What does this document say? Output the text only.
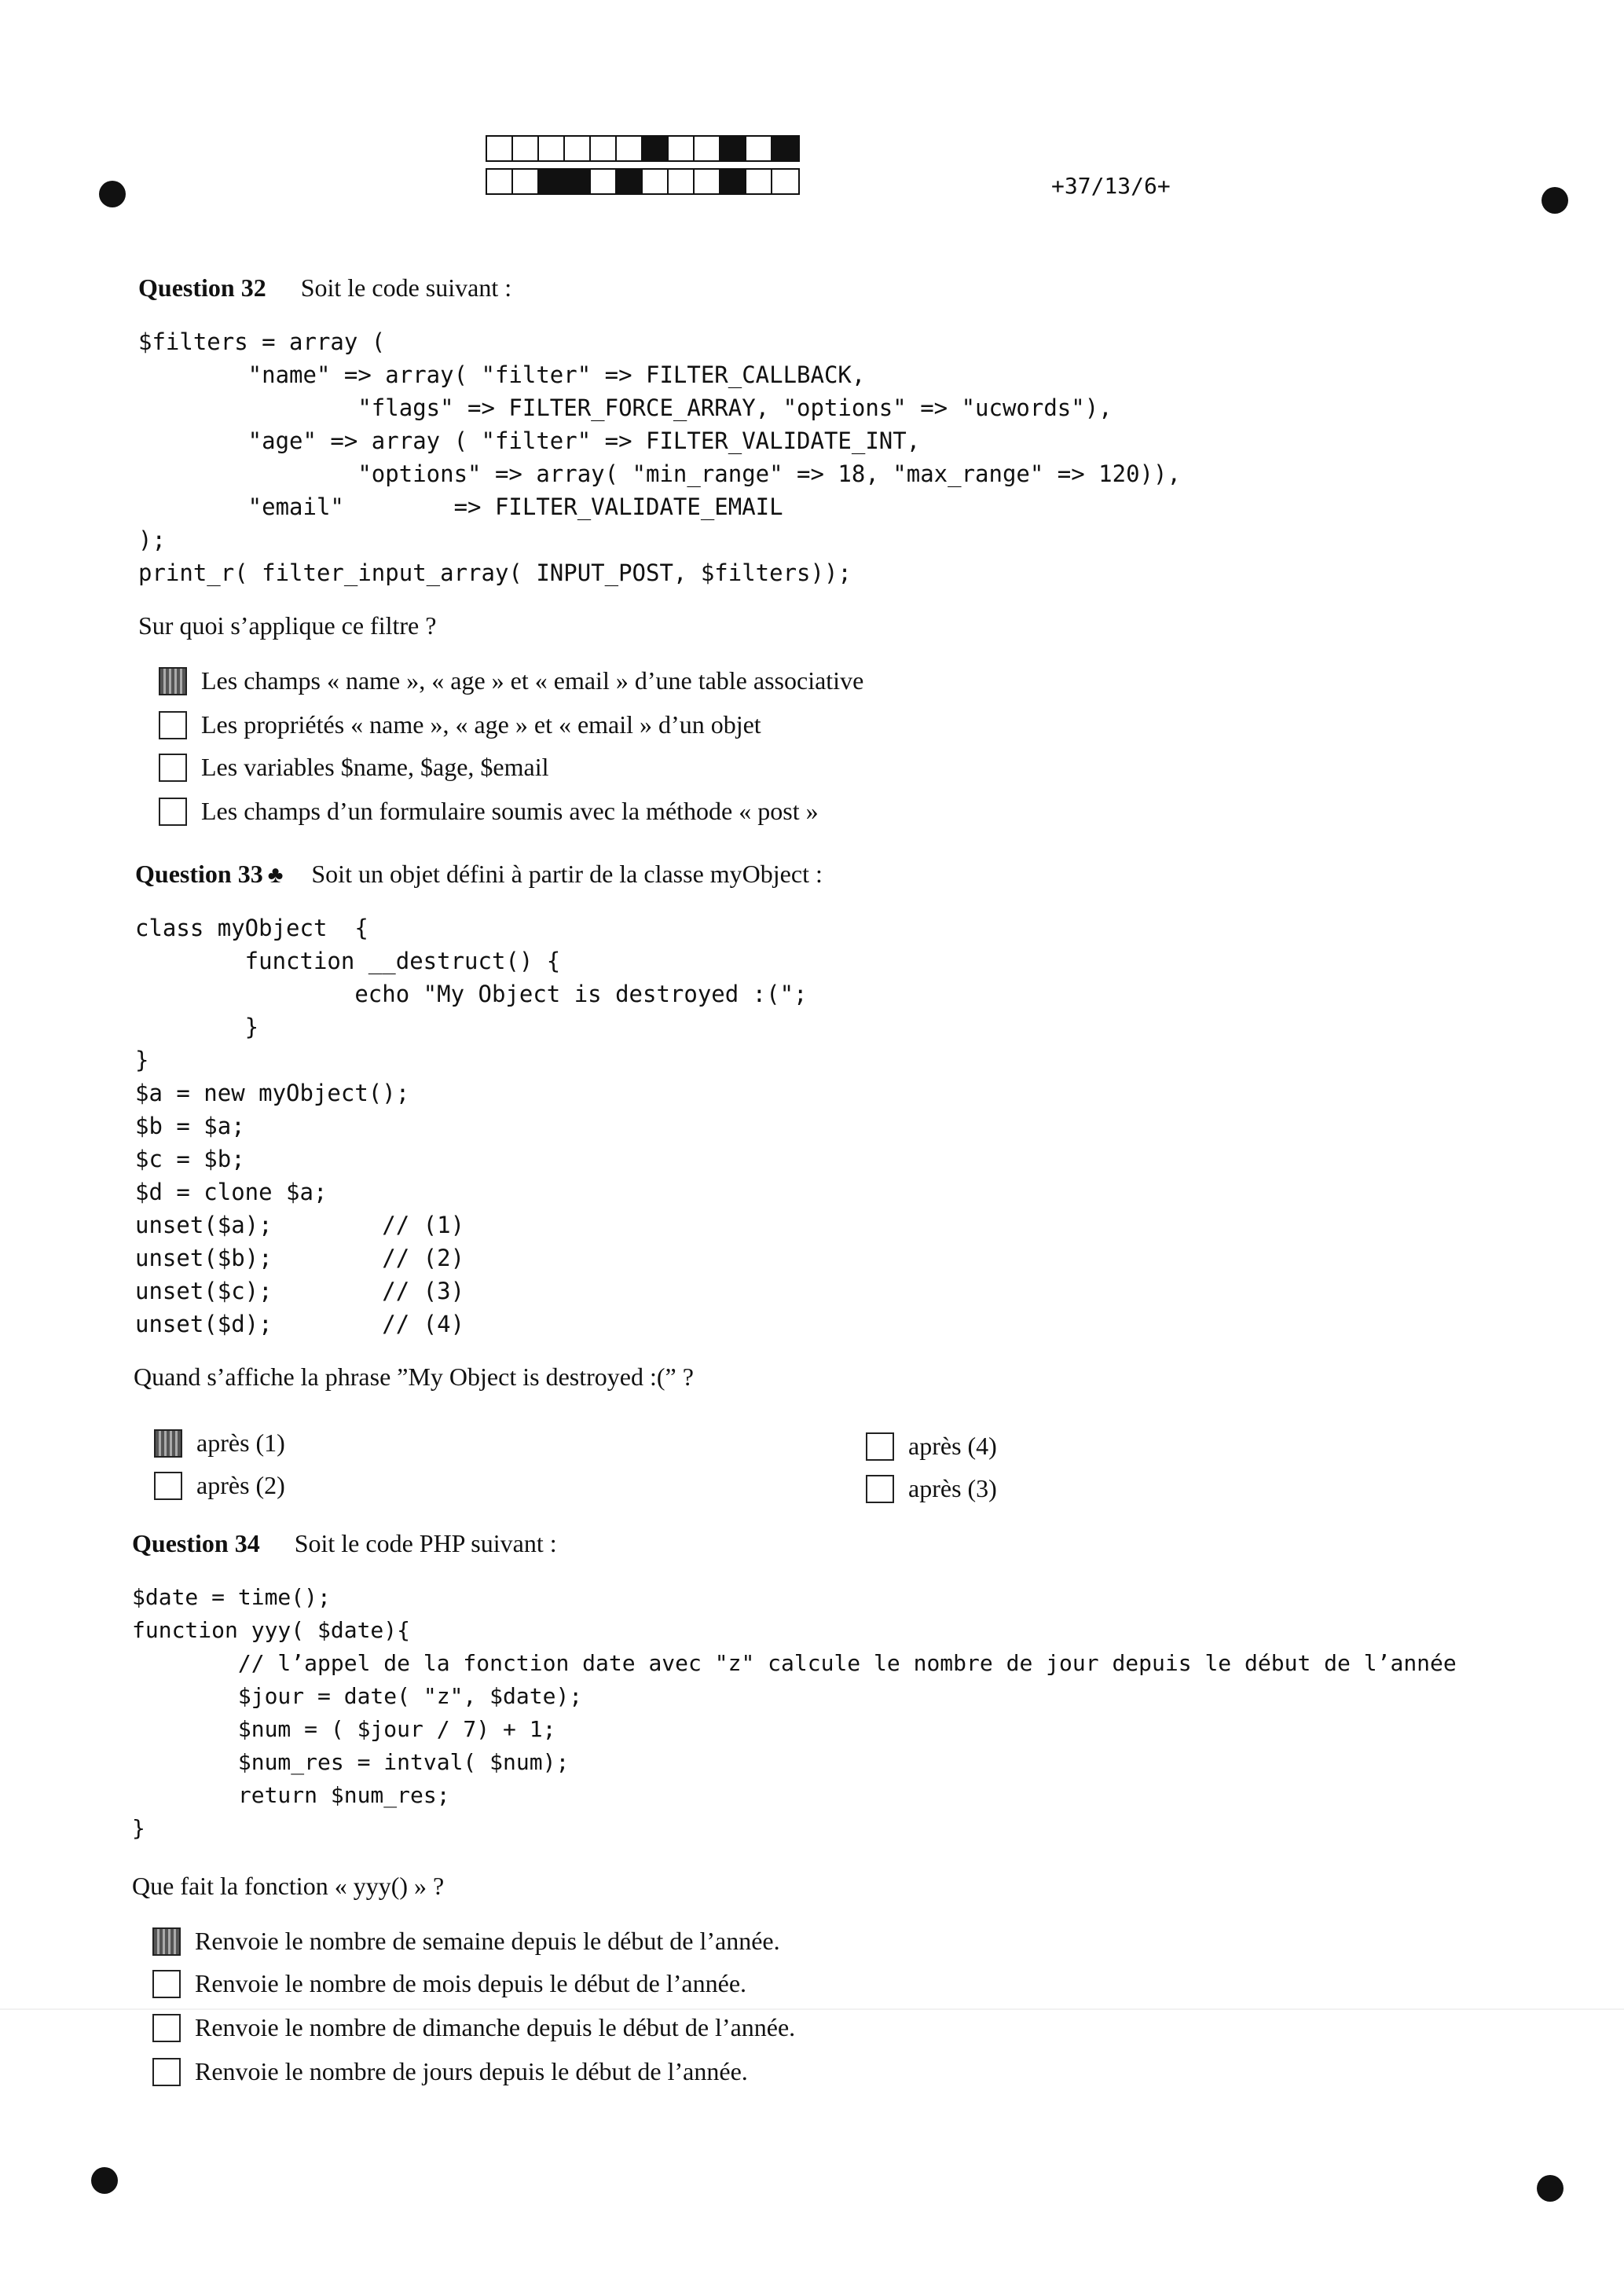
+37/13/6+
Question 32 Soit le code suivant :
$filters = array (
"name" => array( "filter" => FILTER_CALLBACK,
"flags" => FILTER_FORCE_ARRAY, "options" => "ucwords"),
"age" => array ( "filter" => FILTER_VALIDATE_INT,
"options" => array( "min_range" => 18, "max_range" => 120)),
"email"        => FILTER_VALIDATE_EMAIL
);
print_r( filter_input_array( INPUT_POST, $filters));
Sur quoi s’applique ce filtre ?
Les champs « name », « age » et « email » d’une table associative
Les propriétés « name », « age » et « email » d’un objet
Les variables $name, $age, $email
Les champs d’un formulaire soumis avec la méthode « post »
Question 33 ♣ Soit un objet défini à partir de la classe myObject :
class myObject  {
function __destruct() {
echo "My Object is destroyed :(";
}
}
$a = new myObject();
$b = $a;
$c = $b;
$d = clone $a;
unset($a);        // (1)
unset($b);        // (2)
unset($c);        // (3)
unset($d);        // (4)
Quand s’affiche la phrase ”My Object is destroyed :(” ?
après (1)
après (2)
après (4)
après (3)
Question 34 Soit le code PHP suivant :
$date = time();
function yyy( $date){
// l’appel de la fonction date avec "z" calcule le nombre de jour depuis le début de l’année
$jour = date( "z", $date);
$num = ( $jour / 7) + 1;
$num_res = intval( $num);
return $num_res;
}
Que fait la fonction « yyy() » ?
Renvoie le nombre de semaine depuis le début de l’année.
Renvoie le nombre de mois depuis le début de l’année.
Renvoie le nombre de dimanche depuis le début de l’année.
Renvoie le nombre de jours depuis le début de l’année.
